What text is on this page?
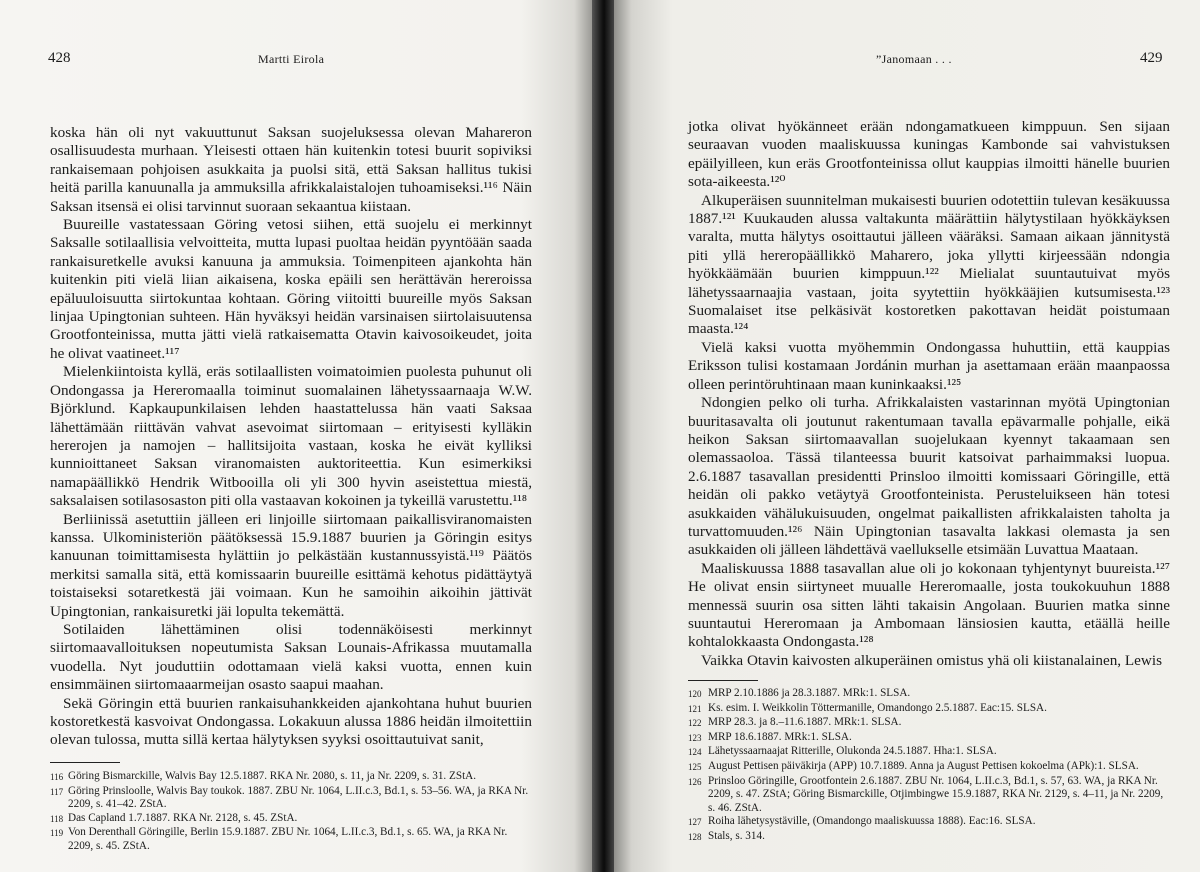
428	Martti Eirola

koska hän oli nyt vakuuttunut Saksan suojeluksessa olevan Mahareron osallisuudesta murhaan. Yleisesti ottaen hän kuitenkin totesi buurit sopiviksi rankaisemaan pohjoisen asukkaita ja puolsi sitä, että Saksan hallitus tukisi heitä parilla kanuunalla ja ammuksilla afrikkalaistalojen tuhoamiseksi.¹¹⁶ Näin Saksan itsensä ei olisi tarvinnut suoraan sekaantua kiistaan.

Buureille vastatessaan Göring vetosi siihen, että suojelu ei merkinnyt Saksalle sotilaallisia velvoitteita, mutta lupasi puoltaa heidän pyyntöään saada rankaisuretkelle avuksi kanuuna ja ammuksia. Toimenpiteen ajankohta hän kuitenkin piti vielä liian aikaisena, koska epäili sen herättävän hereroissa epäluuloisuutta siirtokuntaa kohtaan. Göring viitoitti buureille myös Saksan linjaa Upingtonian suhteen. Hän hyväksyi heidän varsinaisen siirtolaisuutensa Grootfonteinissa, mutta jätti vielä ratkaisematta Otavin kaivosoikeudet, joita he olivat vaatineet.¹¹⁷

Mielenkiintoista kyllä, eräs sotilaallisten voimatoimien puolesta puhunut oli Ondongassa ja Hereromaalla toiminut suomalainen lähetyssaarnaaja W.W. Björklund. Kapkaupunkilaisen lehden haastattelussa hän vaati Saksaa lähettämään riittävän vahvat asevoimat siirtomaan – erityisesti kylläkin hererojen ja namojen – hallitsijoita vastaan, koska he eivät kylliksi kunnioittaneet Saksan viranomaisten auktoriteettia. Kun esimerkiksi namapäällikkö Hendrik Witbooilla oli yli 300 hyvin aseistettua miestä, saksalaisen sotilasosaston piti olla vastaavan kokoinen ja tykeillä varustettu.¹¹⁸

Berliinissä asetuttiin jälleen eri linjoille siirtomaan paikallisviranomaisten kanssa. Ulkoministeriön päätöksessä 15.9.1887 buurien ja Göringin esitys kanuunan toimittamisesta hylättiin jo pelkästään kustannussyistä.¹¹⁹ Päätös merkitsi samalla sitä, että komissaarin buureille esittämä kehotus pidättäytyä toistaiseksi sotaretkestä jäi voimaan. Kun he samoihin aikoihin jättivät Upingtonian, rankaisuretki jäi lopulta tekemättä.

Sotilaiden lähettäminen olisi todennäköisesti merkinnyt siirtomaavalloituksen nopeutumista Saksan Lounais-Afrikassa muutamalla vuodella. Nyt jouduttiin odottamaan vielä kaksi vuotta, ennen kuin ensimmäinen siirtomaaarmeijan osasto saapui maahan.

Sekä Göringin että buurien rankaisuhankkeiden ajankohtana huhut buurien kostoretkestä kasvoivat Ondongassa. Lokakuun alussa 1886 heidän ilmoitettiin olevan tulossa, mutta sillä kertaa hälytyksen syyksi osoittautuivat sanit,

116 Göring Bismarckille, Walvis Bay 12.5.1887. RKA Nr. 2080, s. 11, ja Nr. 2209, s. 31. ZStA.
117 Göring Prinsloolle, Walvis Bay toukok. 1887. ZBU Nr. 1064, L.II.c.3, Bd.1, s. 53–56. WA, ja RKA Nr. 2209, s. 41–42. ZStA.
118 Das Capland 1.7.1887. RKA Nr. 2128, s. 45. ZStA.
119 Von Derenthall Göringille, Berlin 15.9.1887. ZBU Nr. 1064, L.II.c.3, Bd.1, s. 65. WA, ja RKA Nr. 2209, s. 45. ZStA.
”Janomaan . . .	429

jotka olivat hyökänneet erään ndongamatkueen kimppuun. Sen sijaan seuraavan vuoden maaliskuussa kuningas Kambonde sai vahvistuksen epäilyilleen, kun eräs Grootfonteinissa ollut kauppias ilmoitti hänelle buurien sota-aikeesta.¹²⁰

Alkuperäisen suunnitelman mukaisesti buurien odotettiin tulevan kesäkuussa 1887.¹²¹ Kuukauden alussa valtakunta määrättiin hälytystilaan hyökkäyksen varalta, mutta hälytys osoittautui jälleen vääräksi. Samaan aikaan jännitystä piti yllä hereropäällikkö Maharero, joka yllytti kirjeessään ndongia hyökkäämään buurien kimppuun.¹²² Mielialat suuntautuivat myös lähetyssaarnaajia vastaan, joita syytettiin hyökkääjien kutsumisesta.¹²³ Suomalaiset itse pelkäsivät kostoretken pakottavan heidät poistumaan maasta.¹²⁴

Vielä kaksi vuotta myöhemmin Ondongassa huhuttiin, että kauppias Eriksson tulisi kostamaan Jordánin murhan ja asettamaan erään maanpaossa olleen perintöruhtinaan maan kuninkaaksi.¹²⁵

Ndongien pelko oli turha. Afrikkalaisten vastarinnan myötä Upingtonian buuritasavalta oli joutunut rakentumaan tavalla epävarmalle pohjalle, eikä heikon Saksan siirtomaavallan suojelukaan kyennyt takaamaan sen olemassaoloa. Tässä tilanteessa buurit katsoivat parhaimmaksi luopua. 2.6.1887 tasavallan presidentti Prinsloo ilmoitti komissaari Göringille, että heidän oli pakko vetäytyä Grootfonteinista. Perusteluikseen hän totesi asukkaiden vähälukuisuuden, ongelmat paikallisten afrikkalaisten taholta ja turvattomuuden.¹²⁶ Näin Upingtonian tasavalta lakkasi olemasta ja sen asukkaiden oli jälleen lähdettävä vaellukselle etsimään Luvattua Maataan.

Maaliskuussa 1888 tasavallan alue oli jo kokonaan tyhjentynyt buureista.¹²⁷ He olivat ensin siirtyneet muualle Hereromaalle, josta toukokuuhun 1888 mennessä suurin osa sitten lähti takaisin Angolaan. Buurien matka sinne suuntautui Hereromaan ja Ambomaan länsiosien kautta, etäällä heille kohtalokkaasta Ondongasta.¹²⁸

Vaikka Otavin kaivosten alkuperäinen omistus yhä oli kiistanalainen, Lewis

120 MRP 2.10.1886 ja 28.3.1887. MRk:1. SLSA.
121 Ks. esim. I. Weikkolin Töttermanille, Omandongo 2.5.1887. Eac:15. SLSA.
122 MRP 28.3. ja 8.–11.6.1887. MRk:1. SLSA.
123 MRP 18.6.1887. MRk:1. SLSA.
124 Lähetyssaarnaajat Ritterille, Olukonda 24.5.1887. Hha:1. SLSA.
125 August Pettisen päiväkirja (APP) 10.7.1889. Anna ja August Pettisen kokoelma (APk):1. SLSA.
126 Prinsloo Göringille, Grootfontein 2.6.1887. ZBU Nr. 1064, L.II.c.3, Bd.1, s. 57, 63. WA, ja RKA Nr. 2209, s. 47. ZStA; Göring Bismarckille, Otjimbingwe 15.9.1887, RKA Nr. 2129, s. 4–11, ja Nr. 2209, s. 46. ZStA.
127 Roiha lähetysystäville, (Omandongo maaliskuussa 1888). Eac:16. SLSA.
128 Stals, s. 314.
